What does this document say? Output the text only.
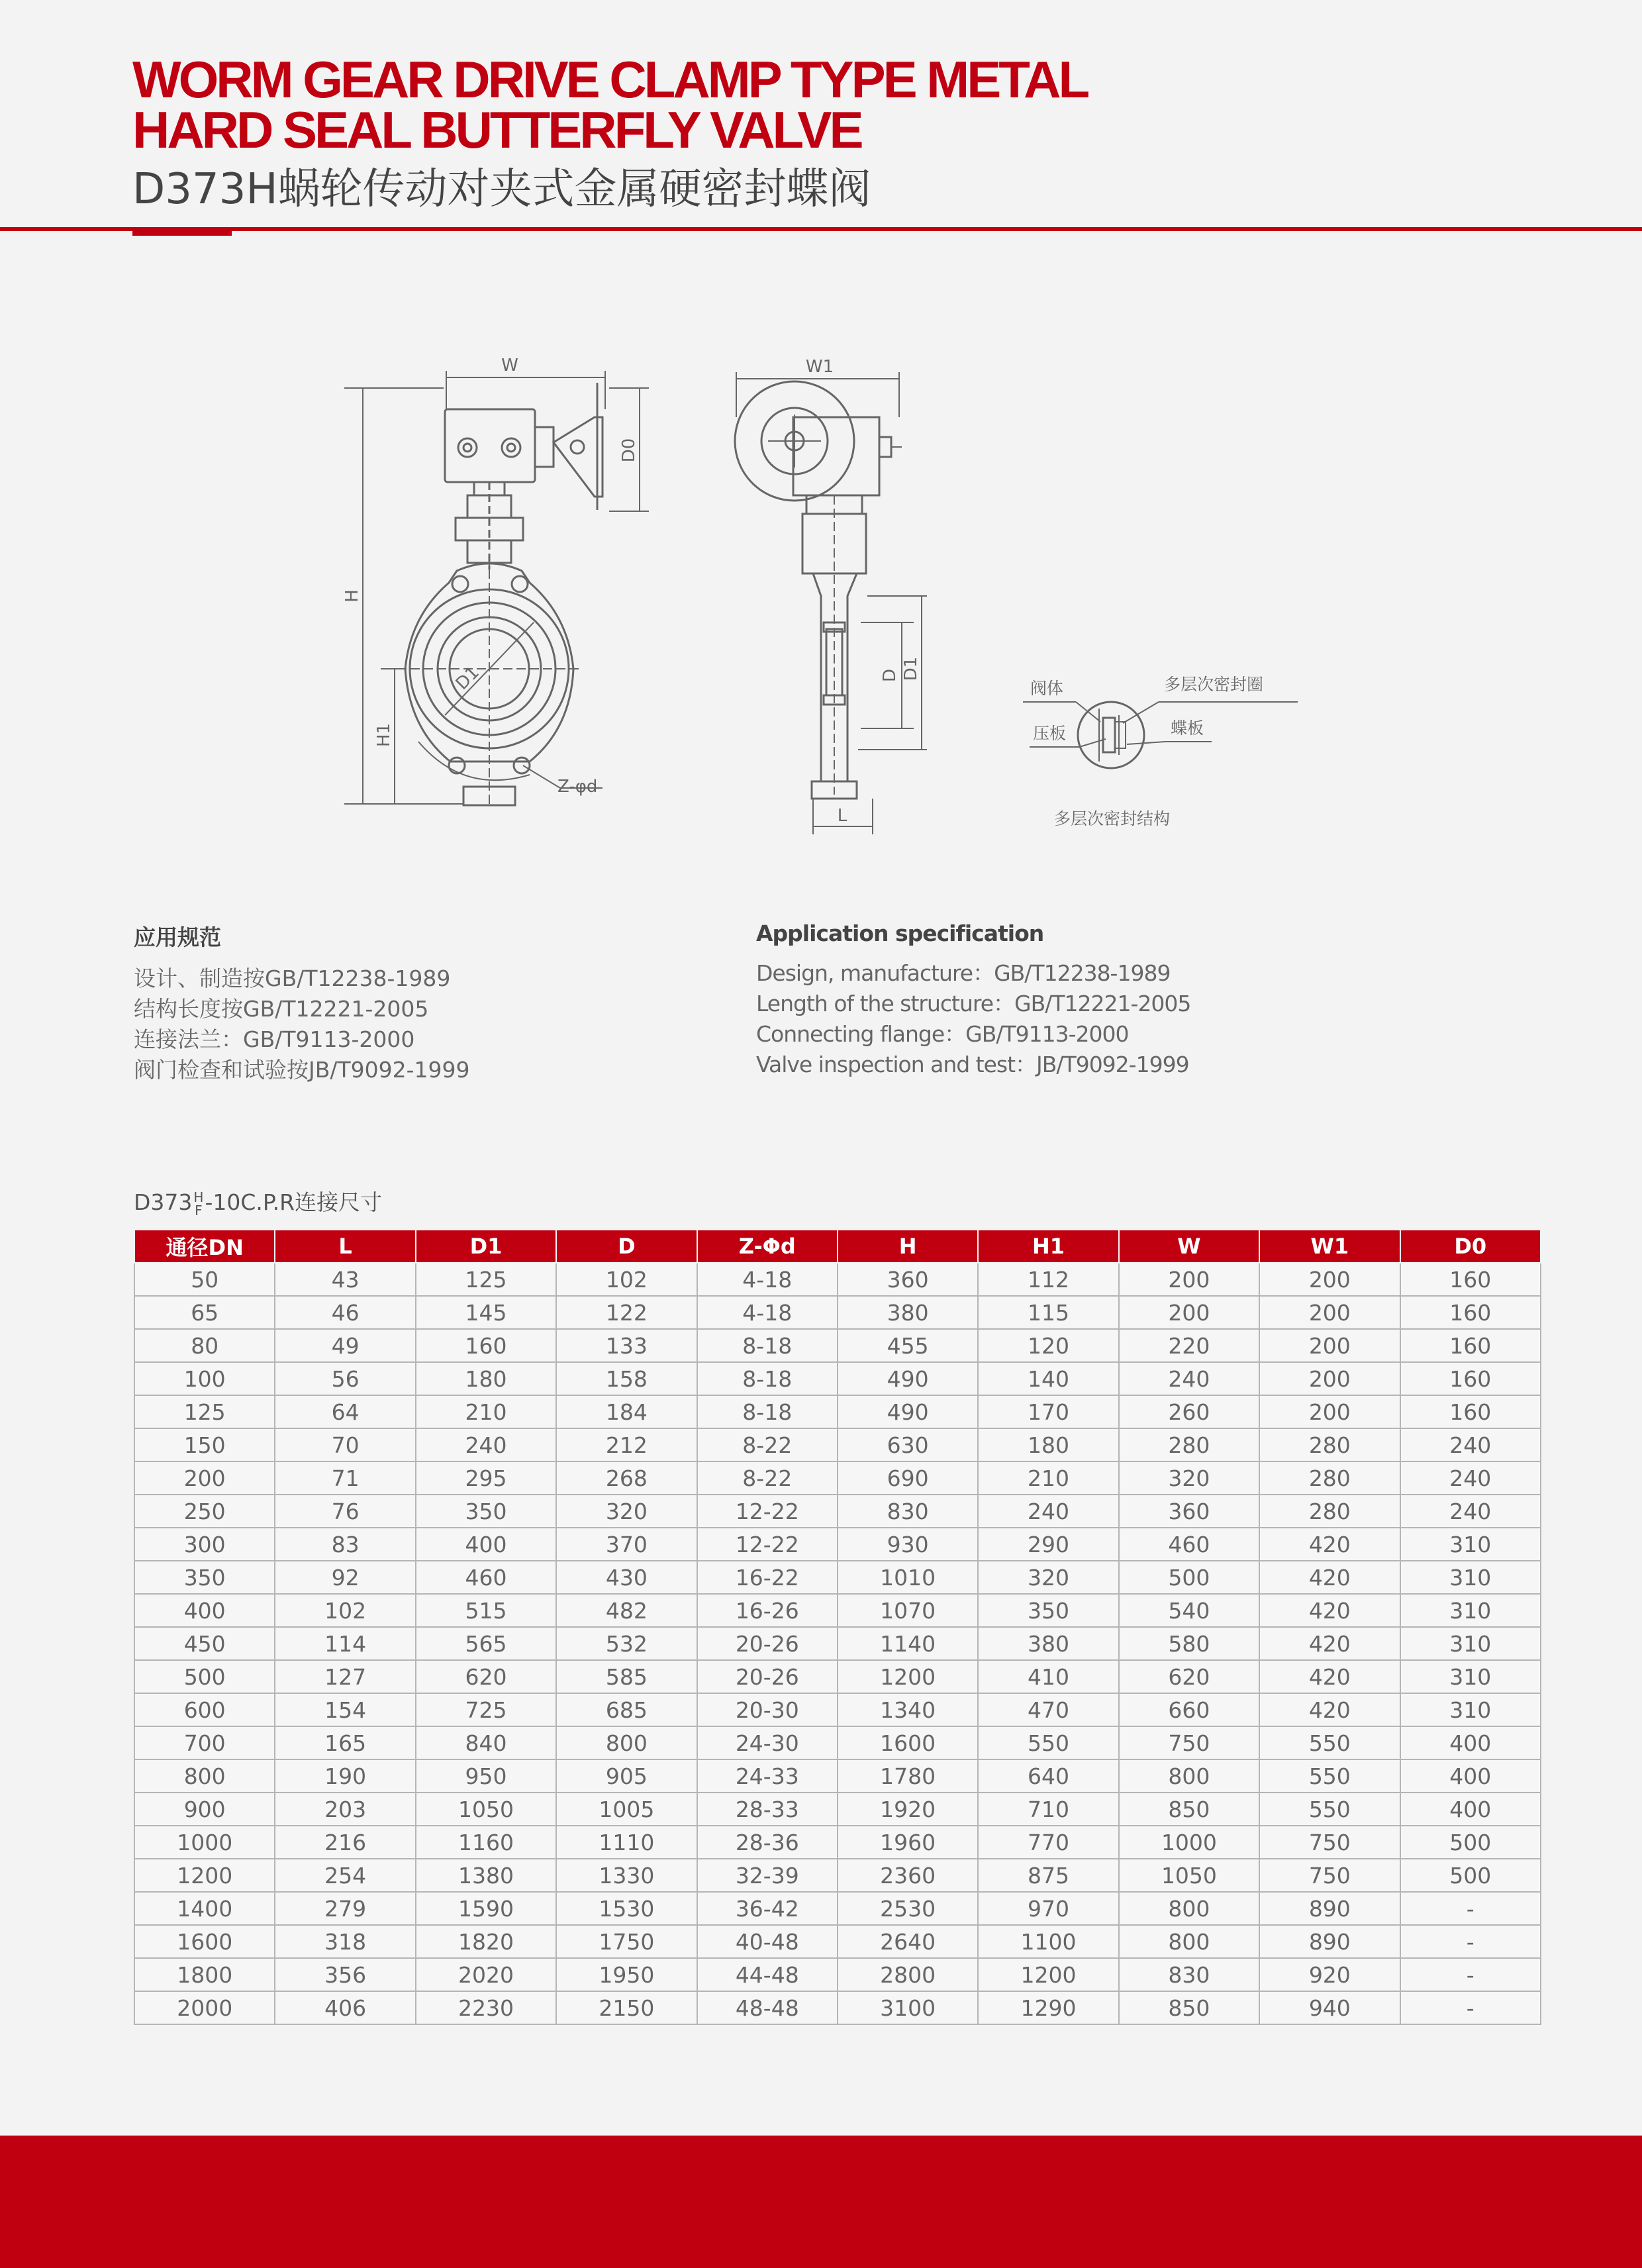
WORM GEAR DRIVE CLAMP TYPE METAL
HARD SEAL BUTTERFLY VALVE
D373H蜗轮传动对夹式金属硬密封蝶阀
W
D0
H
H1
D1
Z-φd
W1
D D1
L
阀体	多层次密封圈
压板	蝶板
多层次密封结构
应用规范
设计、制造按GB/T12238-1989
结构长度按GB/T12221-2005
连接法兰：GB/T9113-2000
阀门检查和试验按JB/T9092-1999
Application specification
Design, manufacture：GB/T12238-1989
Length of the structure：GB/T12221-2005
Connecting flange：GB/T9113-2000
Valve inspection and test：JB/T9092-1999
D373 H
F -10C.P.R连接尺寸
通径DN	L	D1	D	Z-Φd	H	H1	W	W1	D0
50	43	125	102	4-18	360	112	200	200	160
65	46	145	122	4-18	380	115	200	200	160
80	49	160	133	8-18	455	120	220	200	160
100	56	180	158	8-18	490	140	240	200	160
125	64	210	184	8-18	490	170	260	200	160
150	70	240	212	8-22	630	180	280	280	240
200	71	295	268	8-22	690	210	320	280	240
250	76	350	320	12-22	830	240	360	280	240
300	83	400	370	12-22	930	290	460	420	310
350	92	460	430	16-22	1010	320	500	420	310
400	102	515	482	16-26	1070	350	540	420	310
450	114	565	532	20-26	1140	380	580	420	310
500	127	620	585	20-26	1200	410	620	420	310
600	154	725	685	20-30	1340	470	660	420	310
700	165	840	800	24-30	1600	550	750	550	400
800	190	950	905	24-33	1780	640	800	550	400
900	203	1050	1005	28-33	1920	710	850	550	400
1000	216	1160	1110	28-36	1960	770	1000	750	500
1200	254	1380	1330	32-39	2360	875	1050	750	500
1400	279	1590	1530	36-42	2530	970	800	890	-
1600	318	1820	1750	40-48	2640	1100	800	890	-
1800	356	2020	1950	44-48	2800	1200	830	920	-
2000	406	2230	2150	48-48	3100	1290	850	940	-
